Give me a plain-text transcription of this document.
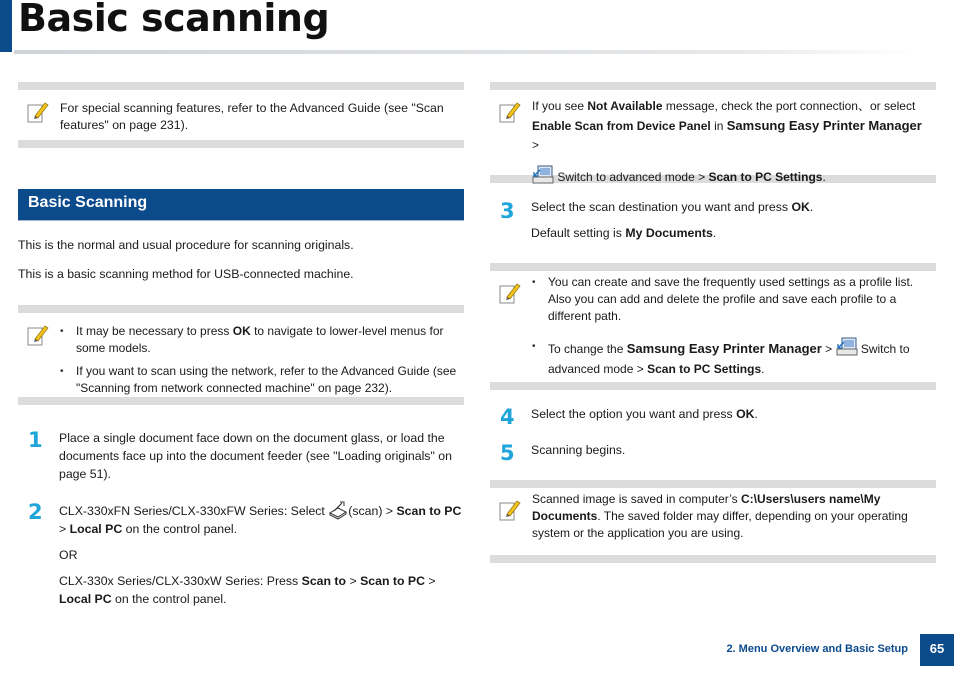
Basic scanning

For special scanning features, refer to the Advanced Guide (see "Scan features" on page 231).

Basic Scanning

This is the normal and usual procedure for scanning originals.

This is a basic scanning method for USB-connected machine.

• It may be necessary to press OK to navigate to lower-level menus for some models.
• If you want to scan using the network, refer to the Advanced Guide (see "Scanning from network connected machine" on page 232).
1 Place a single document face down on the document glass, or load the documents face up into the document feeder (see "Loading originals" on page 51).

2 CLX-330xFN Series/CLX-330xFW Series: Select (scan) > Scan to PC > Local PC on the control panel.

OR

CLX-330x Series/CLX-330xW Series: Press Scan to > Scan to PC > Local PC on the control panel.

If you see Not Available message, check the port connection、or select Enable Scan from Device Panel in Samsung Easy Printer Manager >

Switch to advanced mode > Scan to PC Settings.

3 Select the scan destination you want and press OK.

Default setting is My Documents.

• You can create and save the frequently used settings as a profile list. Also you can add and delete the profile and save each profile to a different path.
• To change the Samsung Easy Printer Manager >  Switch to advanced mode > Scan to PC Settings.
4 Select the option you want and press OK.

5 Scanning begins.

Scanned image is saved in computer’s C:\Users\users name\My Documents. The saved folder may differ, depending on your operating system or the application you are using.

2. Menu Overview and Basic Setup	65
